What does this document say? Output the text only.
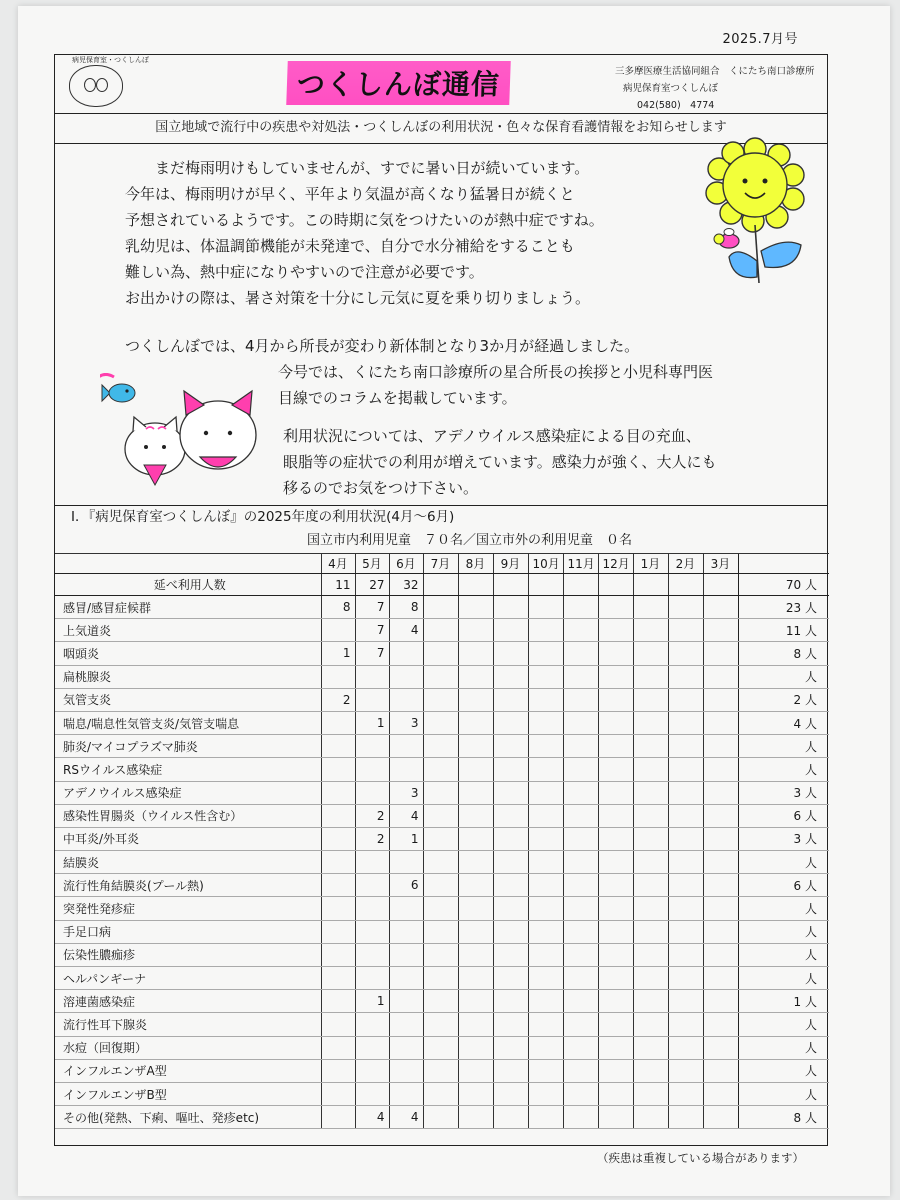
2025.7月号
病児保育室・つくしんぼ
つくしんぼ通信	三多摩医療生活協同組合　くにたち南口診療所
病児保育室つくしんぼ
042(580)　4774
国立地域で流行中の疾患や対処法・つくしんぼの利用状況・色々な保育看護情報をお知らせします
まだ梅雨明けもしていませんが、すでに暑い日が続いています。
今年は、梅雨明けが早く、平年より気温が高くなり猛暑日が続くと
予想されているようです。この時期に気をつけたいのが熱中症ですね。
乳幼児は、体温調節機能が未発達で、自分で水分補給をすることも
難しい為、熱中症になりやすいので注意が必要です。
お出かけの際は、暑さ対策を十分にし元気に夏を乗り切りましょう。
つくしんぼでは、4月から所長が変わり新体制となり3か月が経過しました。
今号では、くにたち南口診療所の星合所長の挨拶と小児科専門医
目線でのコラムを掲載しています。
利用状況については、アデノウイルス感染症による目の充血、
眼脂等の症状での利用が増えています。感染力が強く、大人にも
移るのでお気をつけ下さい。
Ⅰ．『病児保育室つくしんぼ』の2025年度の利用状況(4月～6月)
国立市内利用児童　７０名／国立市外の利用児童　０名
	4月	5月	6月	7月	8月	9月	10月	11月	12月	1月	2月	3月	
延べ利用人数	11	27	32										70 人
感冒/感冒症候群	8	7	8										23 人
上気道炎		7	4										11 人
咽頭炎	1	7											8 人
扁桃腺炎													人
気管支炎	2												2 人
喘息/喘息性気管支炎/気管支喘息		1	3										4 人
肺炎/マイコプラズマ肺炎													人
RSウイルス感染症													人
アデノウイルス感染症			3										3 人
感染性胃腸炎（ウイルス性含む）		2	4										6 人
中耳炎/外耳炎		2	1										3 人
結膜炎													人
流行性角結膜炎(プール熱)			6										6 人
突発性発疹症													人
手足口病													人
伝染性膿痂疹													人
ヘルパンギーナ													人
溶連菌感染症		1											1 人
流行性耳下腺炎													人
水痘（回復期）													人
インフルエンザA型													人
インフルエンザB型													人
その他(発熱、下痢、嘔吐、発疹etc)		4	4										8 人
（疾患は重複している場合があります）
